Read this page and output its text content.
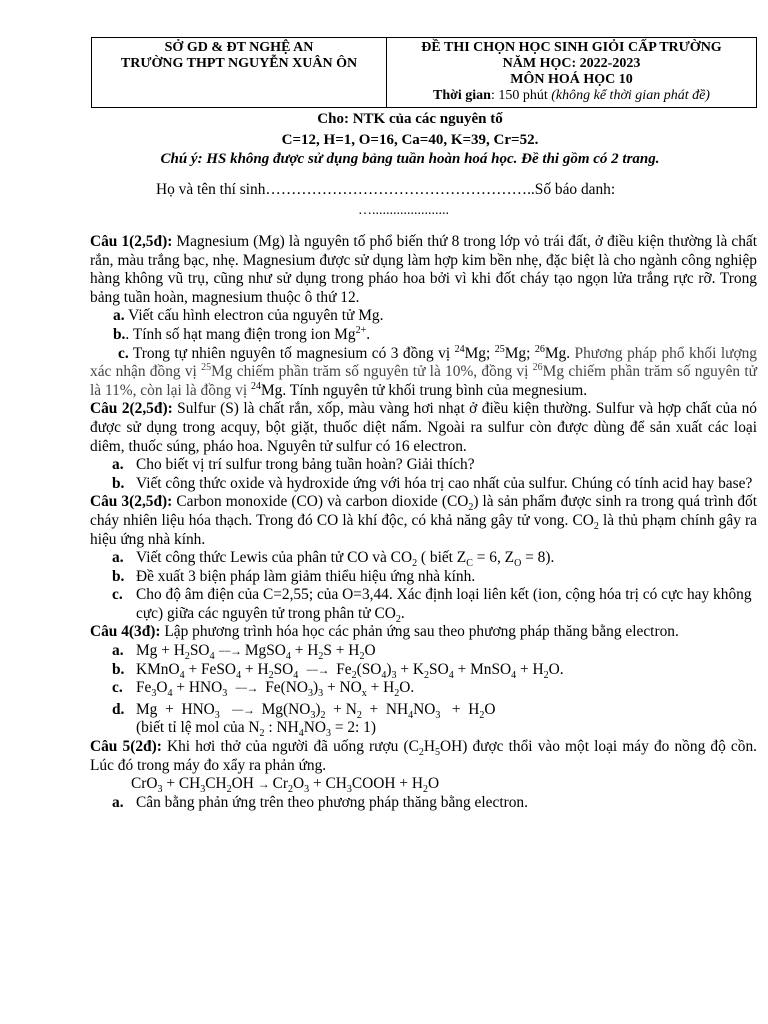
SỞ GD & ĐT NGHỆ AN
TRƯỜNG THPT NGUYỄN XUÂN ÔN

ĐỀ THI CHỌN HỌC SINH GIỎI CẤP TRƯỜNG
NĂM HỌC: 2022-2023
MÔN HOÁ HỌC 10
Thời gian: 150 phút (không kể thời gian phát đề)
Cho: NTK của các nguyên tố
C=12, H=1, O=16, Ca=40, K=39, Cr=52.
Chú ý: HS không được sử dụng bảng tuần hoàn hoá học. Đề thi gồm có 2 trang.
Họ và tên thí sinh……………………………………………..Số báo danh:
…......................

Câu 1(2,5đ): Magnesium (Mg) là nguyên tố phổ biến thứ 8 trong lớp vỏ trái đất, ở điều kiện thường là chất rắn, màu trắng bạc, nhẹ. Magnesium được sử dụng làm hợp kim bền nhẹ, đặc biệt là cho ngành công nghiệp hàng không vũ trụ, cũng như sử dụng trong pháo hoa bởi vì khi đốt cháy tạo ngọn lửa trắng rực rỡ. Trong bảng tuần hoàn, magnesium thuộc ô thứ 12.

a. Viết cấu hình electron của nguyên tử Mg.

b.. Tính số hạt mang điện trong ion $Mg^{2+}$.

c. Trong tự nhiên nguyên tố magnesium có 3 đồng vị $^{24}$Mg; $^{25}$Mg; $^{26}$Mg. Phương pháp phổ khối lượng xác nhận đồng vị $^{25}$Mg chiếm phần trăm số nguyên tử là 10%, đồng vị $^{26}$Mg chiếm phần trăm số nguyên tử là 11%, còn lại là đồng vị $^{24}$Mg. Tính nguyên tử khối trung bình của megnesium.

Câu 2(2,5đ): Sulfur (S) là chất rắn, xốp, màu vàng hơi nhạt ở điều kiện thường. Sulfur và hợp chất của nó được sử dụng trong acquy, bột giặt, thuốc diệt nấm. Ngoài ra sulfur còn được dùng để sản xuất các loại diêm, thuốc súng, pháo hoa. Nguyên tử sulfur có 16 electron.

a. Cho biết vị trí sulfur trong bảng tuần hoàn? Giải thích?
b. Viết công thức oxide và hydroxide ứng với hóa trị cao nhất của sulfur. Chúng có tính acid hay base?

Câu 3(2,5đ): Carbon monoxide (CO) và carbon dioxide $(CO_2)$ là sản phẩm được sinh ra trong quá trình đốt cháy nhiên liệu hóa thạch. Trong đó CO là khí độc, có khả năng gây tử vong. $CO_2$ là thủ phạm chính gây ra hiệu ứng nhà kính.

a. Viết công thức Lewis của phân tử CO và $CO_2$ ( biết $Z_C = 6$, $Z_O = 8$).
b. Đề xuất 3 biện pháp làm giảm thiểu hiệu ứng nhà kính.
c. Cho độ âm điện của C=2,55; của O=3,44. Xác định loại liên kết (ion, cộng hóa trị có cực hay không cực) giữa các nguyên tử trong phân tử $CO_2$.

Câu 4(3đ): Lập phương trình hóa học các phản ứng sau theo phương pháp thăng bằng electron.

a. $Mg + H_2SO_4$ −−→ MgSO$_4$ + $H_2S + H_2O$
b. KMnO$_4$ + FeSO$_4$ + $H_2SO_4$ −−→  $Fe_2(SO_4)_3 + K_2SO_4$ + MnSO$_4$ + $H_2O$.
c. $Fe_3O_4 + HNO_3$ −−→  $Fe(NO_3)_3 + NO_x + H_2O$.
d. $Mg + HNO_3$ −−→  $Mg(NO_3)_2 + N_2 + NH_4NO_3 + H_2O$
(biết tỉ lệ mol của $N_2$ : $NH_4NO_3 = 2$: 1)

Câu 5(2đ): Khi hơi thở của người đã uống rượu $(C_2H_5OH)$ được thổi vào một loại máy đo nồng độ cồn. Lúc đó trong máy đo xẩy ra phản ứng.

$CrO_3 + CH_3CH_2OH \to Cr_2O_3$ + $CH_3COOH + H_2O$

a. Cân bằng phản ứng trên theo phương pháp thăng bằng electron.
